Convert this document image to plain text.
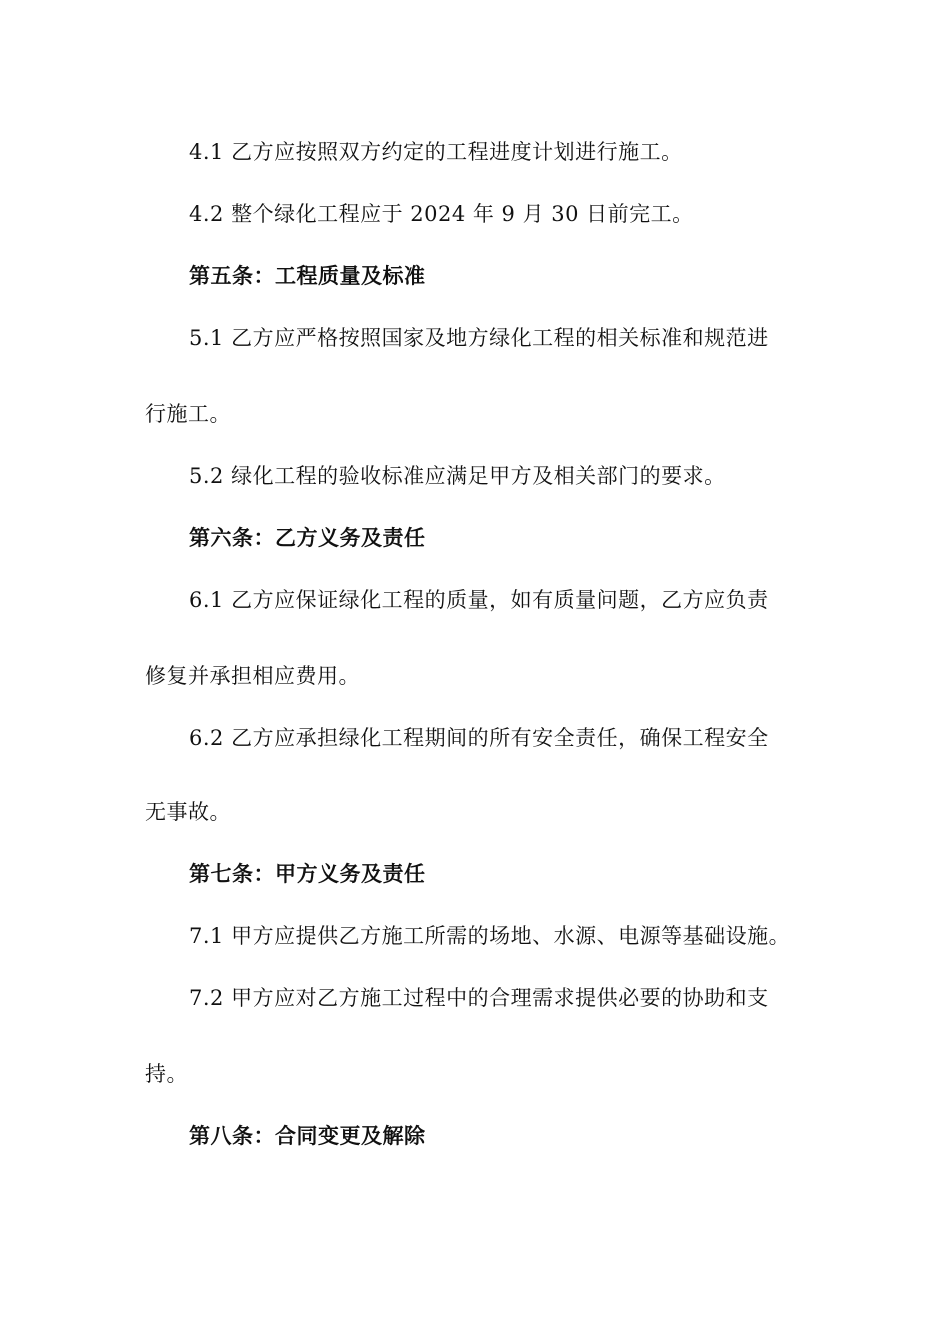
4.1 乙方应按照双方约定的工程进度计划进行施工。
4.2 整个绿化工程应于 2024 年 9 月 30 日前完工。
第五条：工程质量及标准
5.1 乙方应严格按照国家及地方绿化工程的相关标准和规范进
行施工。
5.2 绿化工程的验收标准应满足甲方及相关部门的要求。
第六条：乙方义务及责任
6.1 乙方应保证绿化工程的质量，如有质量问题，乙方应负责
修复并承担相应费用。
6.2 乙方应承担绿化工程期间的所有安全责任，确保工程安全
无事故。
第七条：甲方义务及责任
7.1 甲方应提供乙方施工所需的场地、水源、电源等基础设施。
7.2 甲方应对乙方施工过程中的合理需求提供必要的协助和支
持。
第八条：合同变更及解除
